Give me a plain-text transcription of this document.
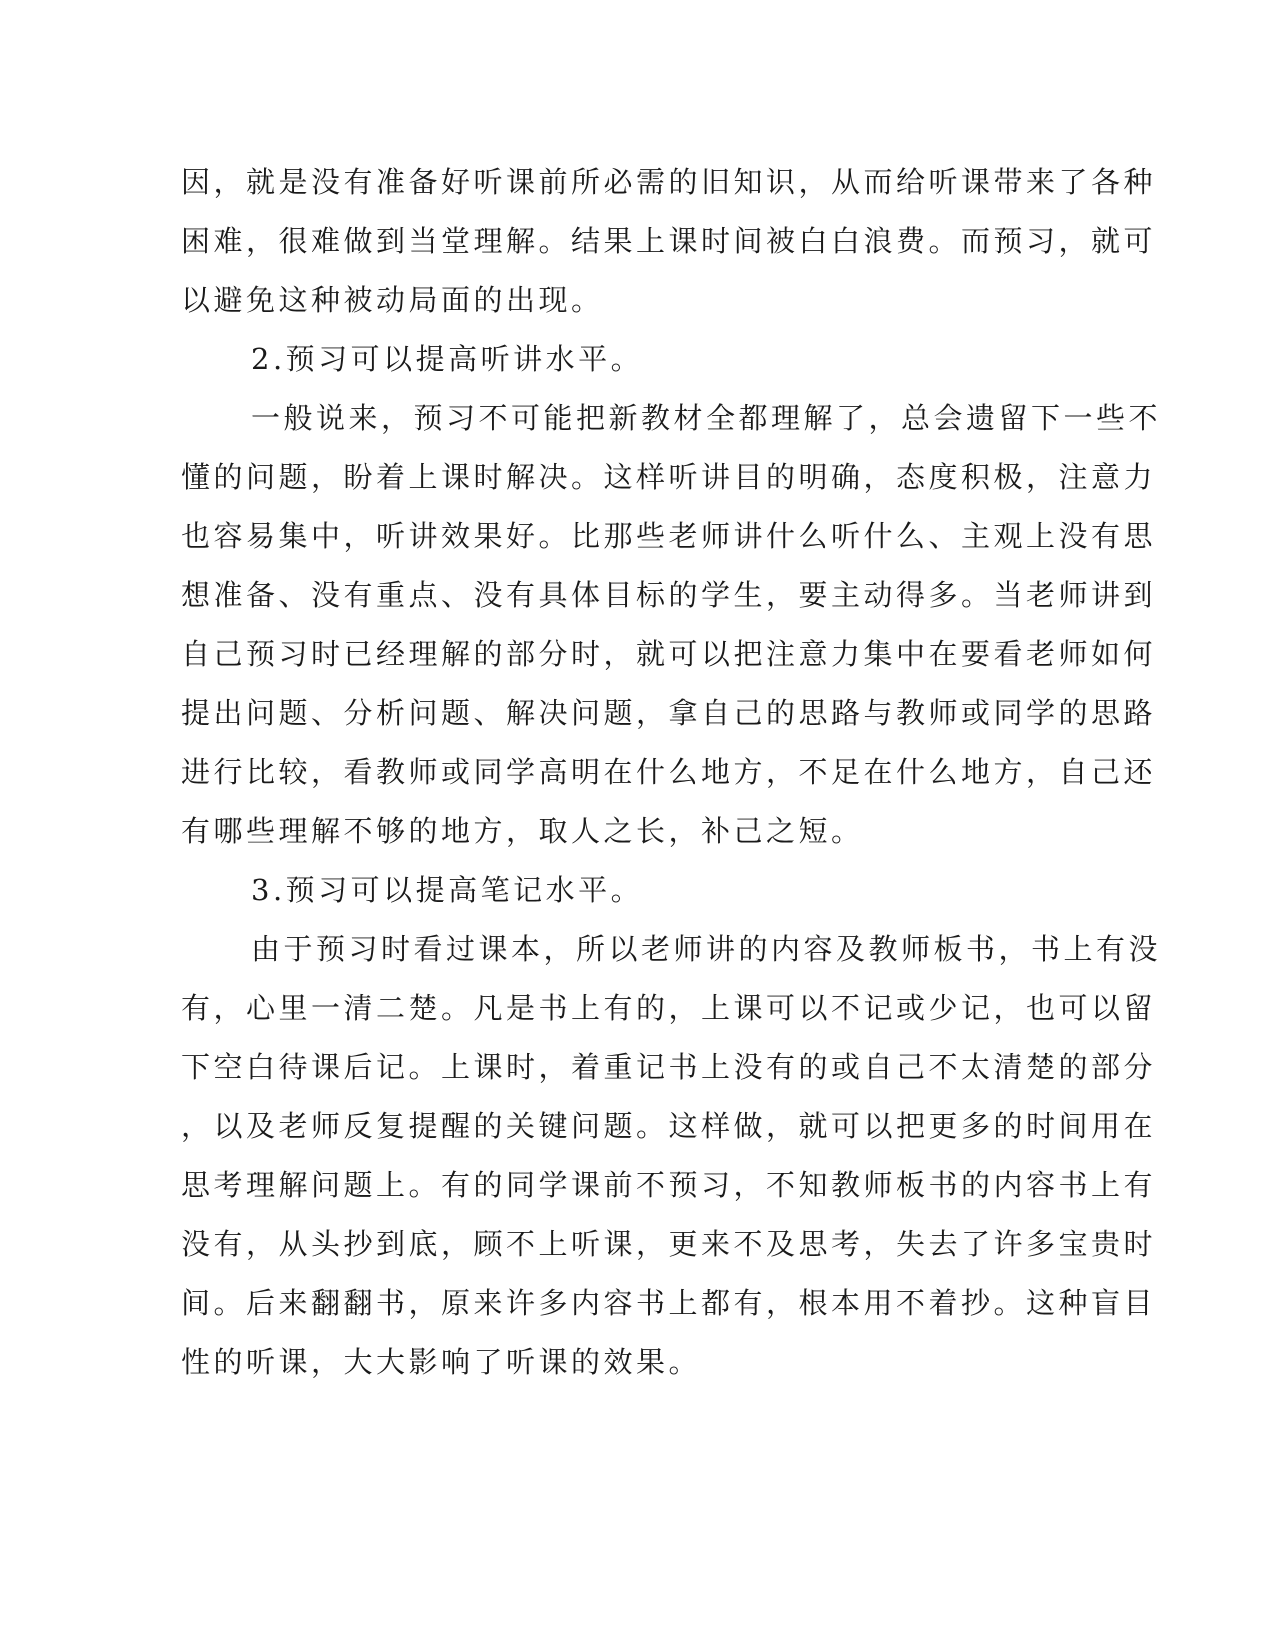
因，就是没有准备好听课前所必需的旧知识，从而给听课带来了各种
困难，很难做到当堂理解。结果上课时间被白白浪费。而预习，就可
以避免这种被动局面的出现。
2.预习可以提高听讲水平。
一般说来，预习不可能把新教材全都理解了，总会遗留下一些不
懂的问题，盼着上课时解决。这样听讲目的明确，态度积极，注意力
也容易集中，听讲效果好。比那些老师讲什么听什么、主观上没有思
想准备、没有重点、没有具体目标的学生，要主动得多。当老师讲到
自己预习时已经理解的部分时，就可以把注意力集中在要看老师如何
提出问题、分析问题、解决问题，拿自己的思路与教师或同学的思路
进行比较，看教师或同学高明在什么地方，不足在什么地方，自己还
有哪些理解不够的地方，取人之长，补己之短。
3.预习可以提高笔记水平。
由于预习时看过课本，所以老师讲的内容及教师板书，书上有没
有，心里一清二楚。凡是书上有的，上课可以不记或少记，也可以留
下空白待课后记。上课时，着重记书上没有的或自己不太清楚的部分
，以及老师反复提醒的关键问题。这样做，就可以把更多的时间用在
思考理解问题上。有的同学课前不预习，不知教师板书的内容书上有
没有，从头抄到底，顾不上听课，更来不及思考，失去了许多宝贵时
间。后来翻翻书，原来许多内容书上都有，根本用不着抄。这种盲目
性的听课，大大影响了听课的效果。
